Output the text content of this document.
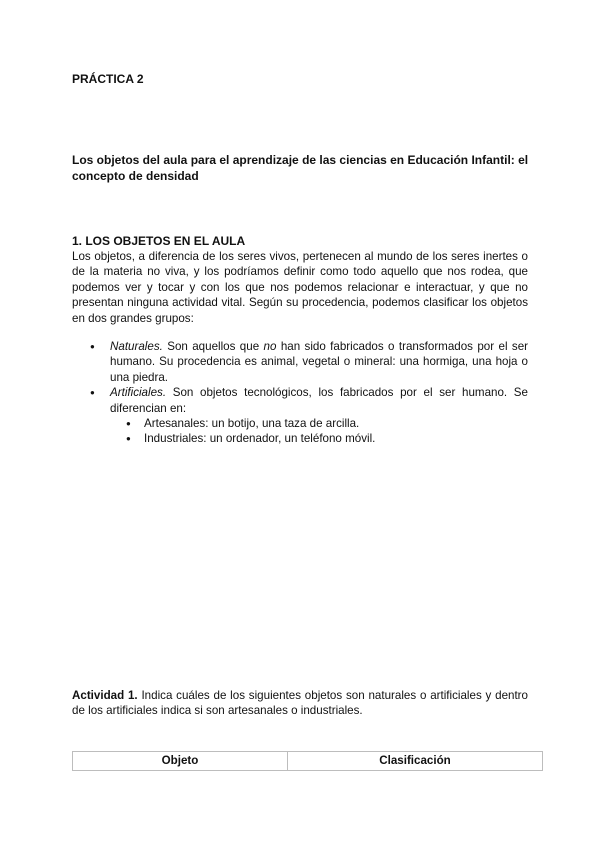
PRÁCTICA 2
Los objetos del aula para el aprendizaje de las ciencias en Educación Infantil: el concepto de densidad
1. LOS OBJETOS EN EL AULA

Los objetos, a diferencia de los seres vivos, pertenecen al mundo de los seres inertes o de la materia no viva, y los podríamos definir como todo aquello que nos rodea, que podemos ver y tocar y con los que nos podemos relacionar e interactuar, y que no presentan ninguna actividad vital. Según su procedencia, podemos clasificar los objetos en dos grandes grupos:

● Naturales. Son aquellos que no han sido fabricados o transformados por el ser humano. Su procedencia es animal, vegetal o mineral: una hormiga, una hoja o una piedra.
● Artificiales. Son objetos tecnológicos, los fabricados por el ser humano. Se diferencian en:
● Artesanales: un botijo, una taza de arcilla.
● Industriales: un ordenador, un teléfono móvil.

Actividad 1. Indica cuáles de los siguientes objetos son naturales o artificiales y dentro de los artificiales indica si son artesanales o industriales.

Objeto	Clasificación
